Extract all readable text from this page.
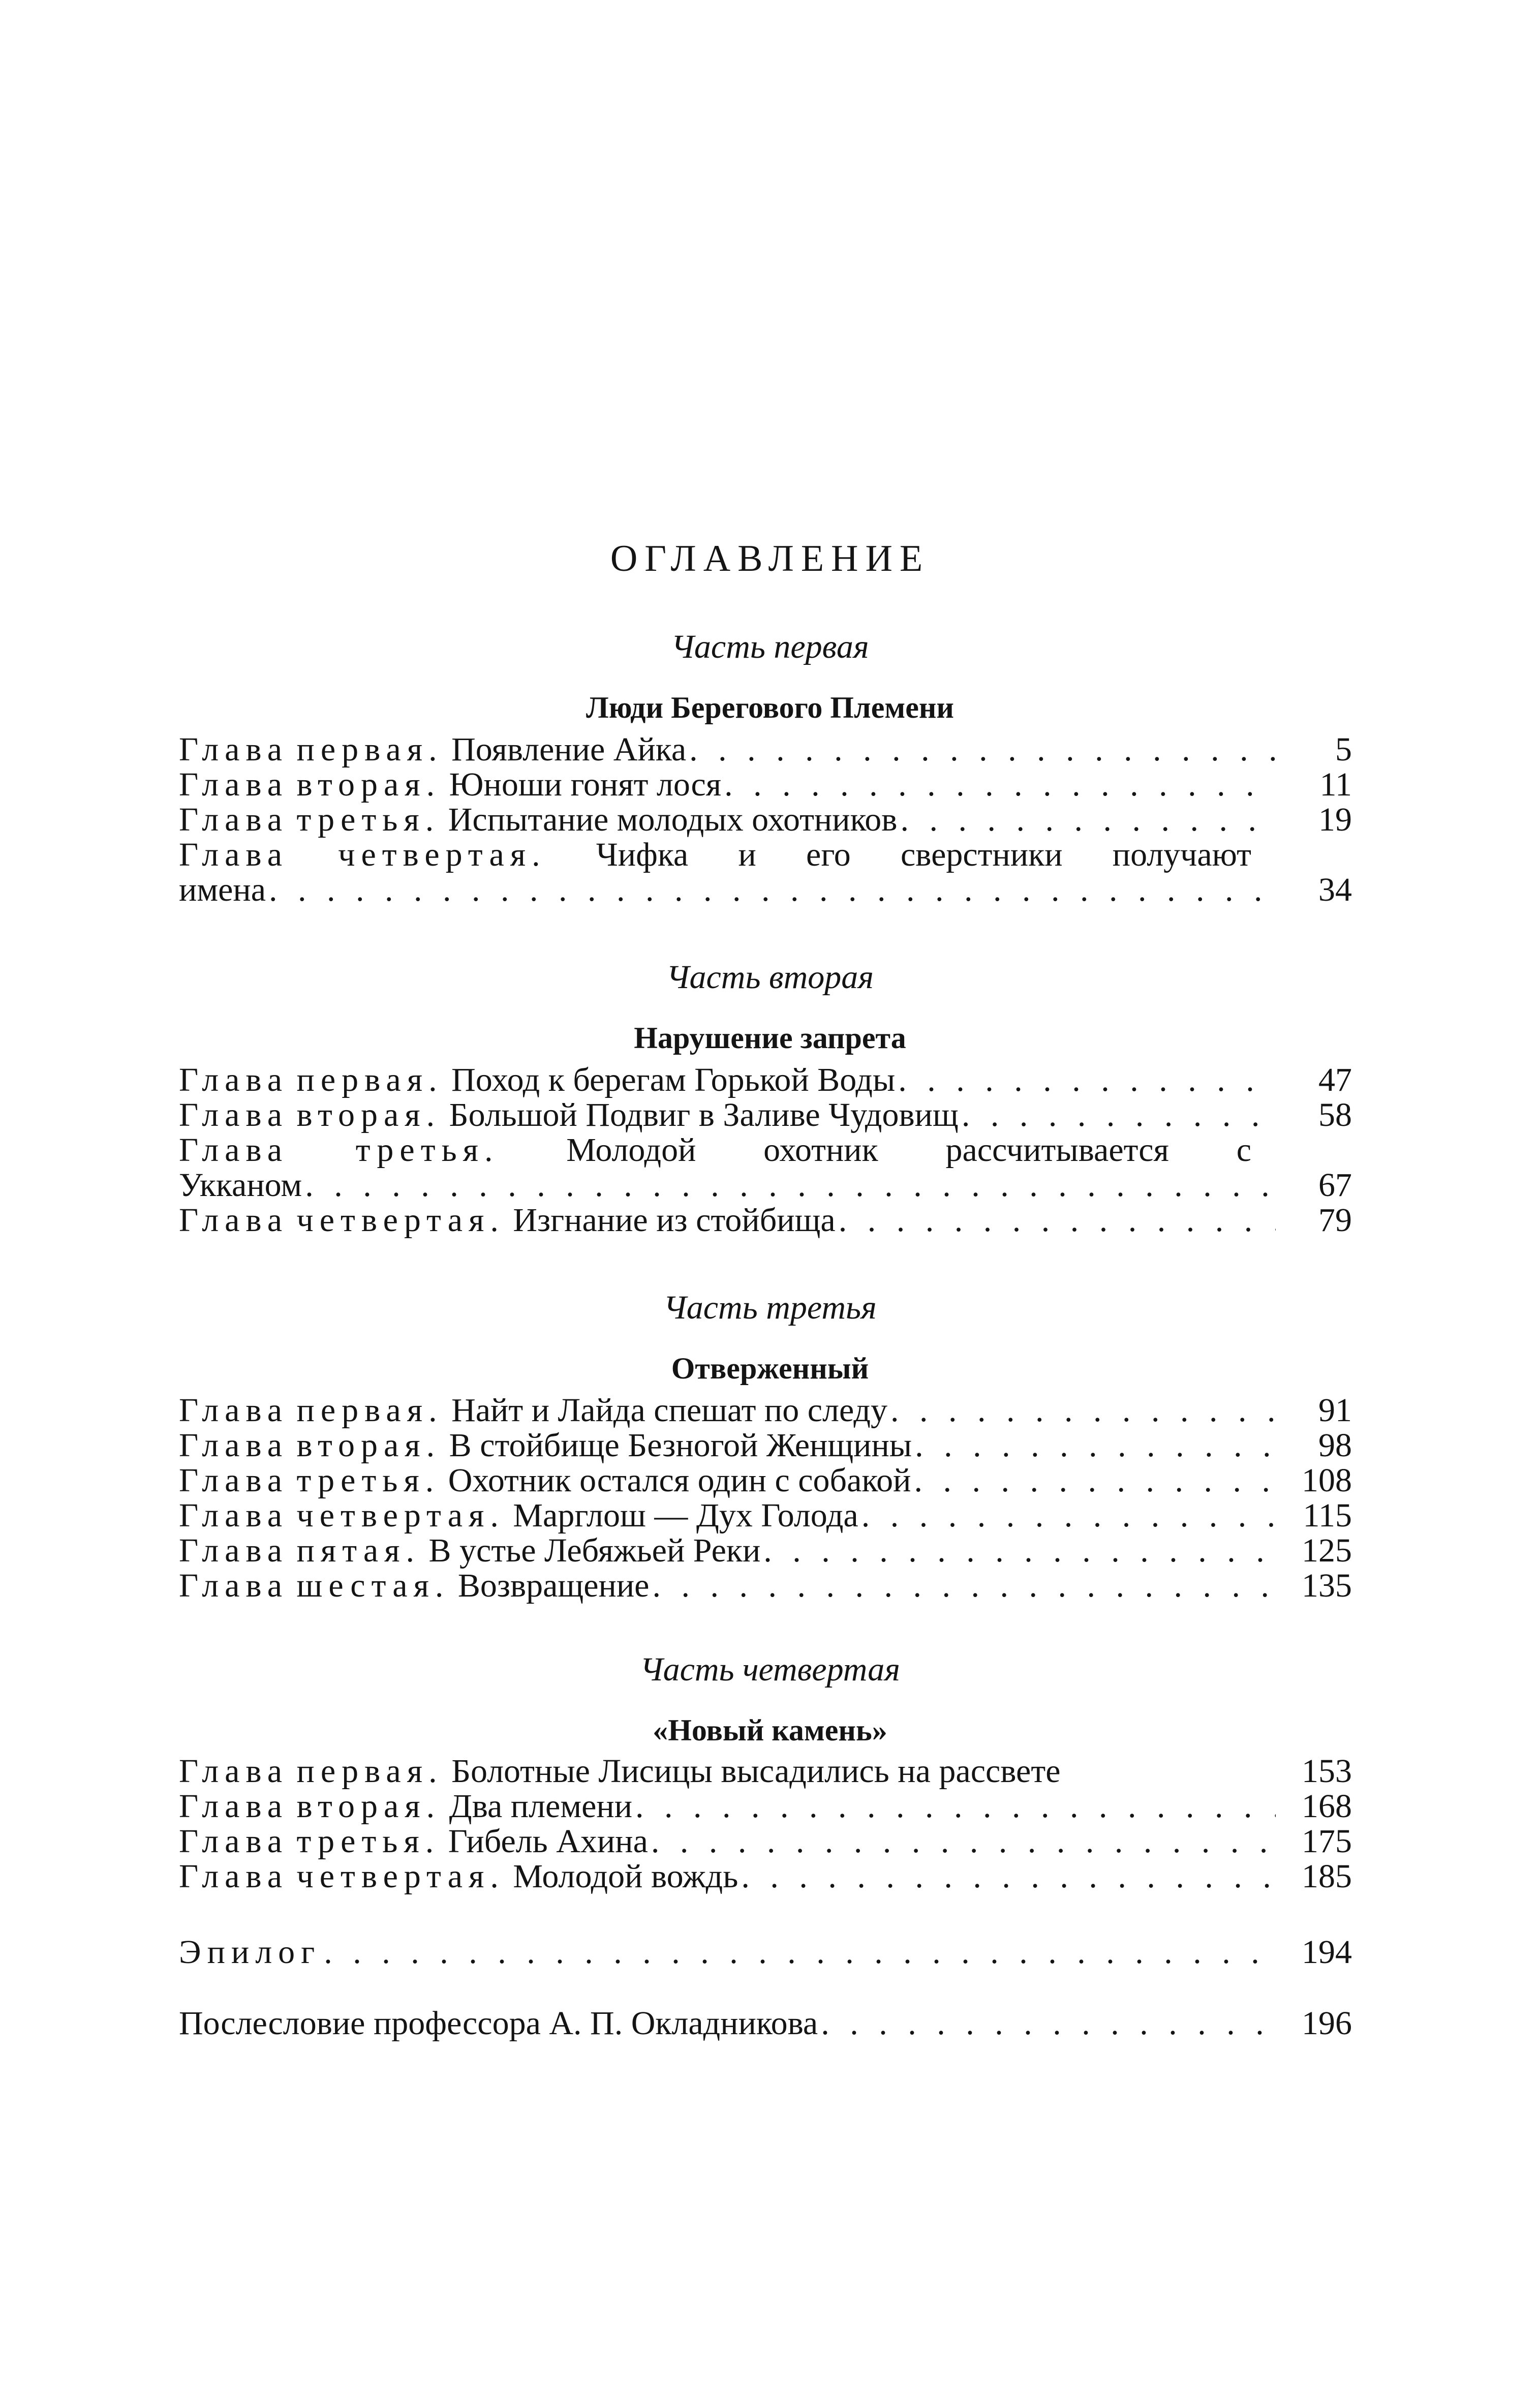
ОГЛАВЛЕНИЕ
Часть первая
Люди Берегового Племени
Глава первая. Появление Айка . . .	5
Глава вторая. Юноши гонят лося . . .	11
Глава третья. Испытание молодых охотников . . .	19
Глава четвертая. Чифка и его сверстники получают
имена . . .	34
Часть вторая
Нарушение запрета
Глава первая. Поход к берегам Горькой Воды . . .	47
Глава вторая. Большой Подвиг в Заливе Чудовищ . . .	58
Глава третья. Молодой охотник рассчитывается с
Укканом . . .	67
Глава четвертая. Изгнание из стойбища . . .	79
Часть третья
Отверженный
Глава первая. Найт и Лайда спешат по следу . . .	91
Глава вторая. В стойбище Безногой Женщины . . .	98
Глава третья. Охотник остался один с собакой . . .	108
Глава четвертая. Марглош — Дух Голода . . .	115
Глава пятая. В устье Лебяжьей Реки . . .	125
Глава шестая. Возвращение . . .	135
Часть четвертая
«Новый камень»
Глава первая. Болотные Лисицы высадились на рассвете	153
Глава вторая. Два племени . . .	168
Глава третья. Гибель Ахина . . .	175
Глава четвертая. Молодой вождь . . .	185
Эпилог . . .	194
Послесловие профессора А. П. Окладникова . . .	196
